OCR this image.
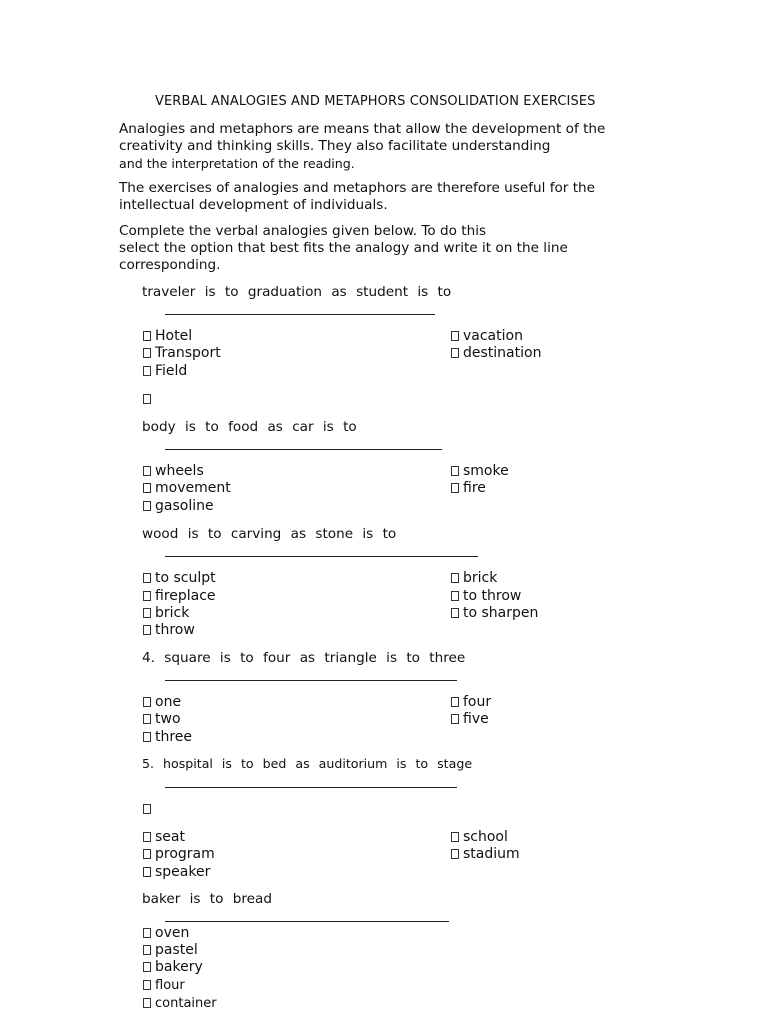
VERBAL ANALOGIES AND METAPHORS CONSOLIDATION EXERCISES
Analogies and metaphors are means that allow the development of the
creativity and thinking skills. They also facilitate understanding
and the interpretation of the reading.
The exercises of analogies and metaphors are therefore useful for the
intellectual development of individuals.
Complete the verbal analogies given below. To do this
select the option that best fits the analogy and write it on the line
corresponding.
traveler is to graduation as student is to
Hotel
Transport
Field
vacation
destination
body is to food as car is to
wheels
movement
gasoline
smoke
fire
wood is to carving as stone is to
to sculpt
fireplace
brick
throw
brick
to throw
to sharpen
4. square is to four as triangle is to three
one
two
three
four
five
5. hospital is to bed as auditorium is to stage
seat
program
speaker
school
stadium
baker is to bread
oven
pastel
bakery
flour
container
